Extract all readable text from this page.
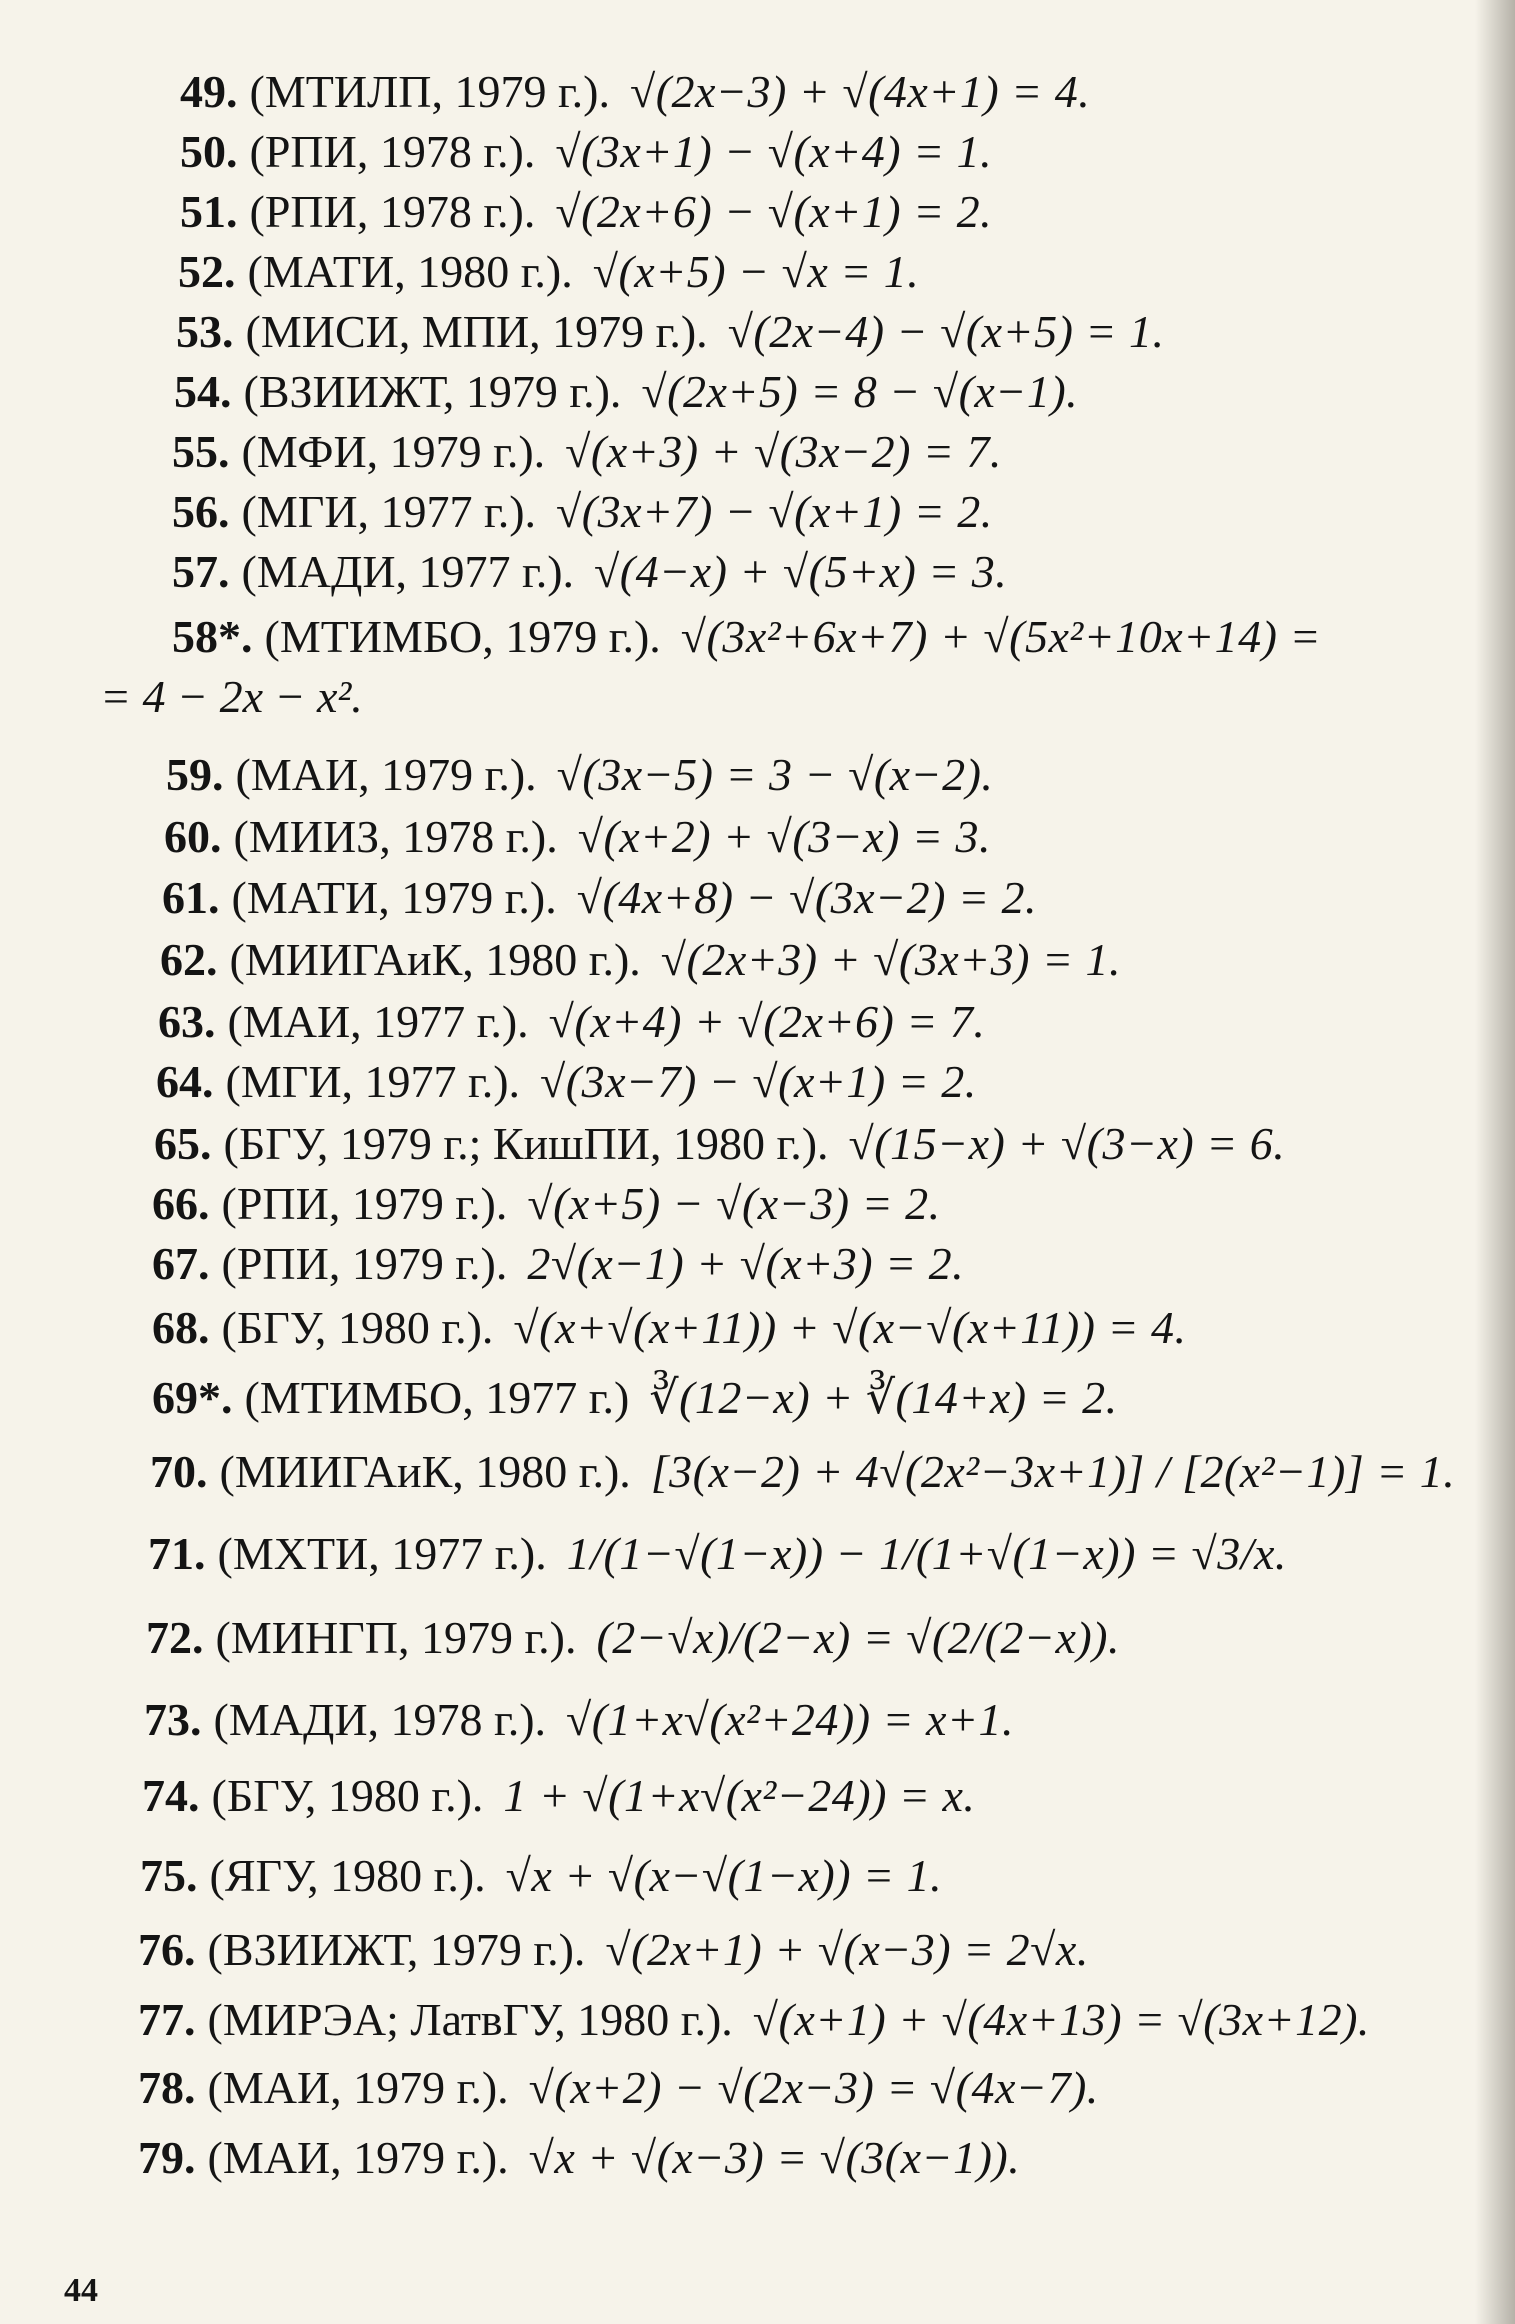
49. (МТИЛП, 1979 г.). √(2x−3) + √(4x+1) = 4.
50. (РПИ, 1978 г.). √(3x+1) − √(x+4) = 1.
51. (РПИ, 1978 г.). √(2x+6) − √(x+1) = 2.
52. (МАТИ, 1980 г.). √(x+5) − √x = 1.
53. (МИСИ, МПИ, 1979 г.). √(2x−4) − √(x+5) = 1.
54. (ВЗИИЖТ, 1979 г.). √(2x+5) = 8 − √(x−1).
55. (МФИ, 1979 г.). √(x+3) + √(3x−2) = 7.
56. (МГИ, 1977 г.). √(3x+7) − √(x+1) = 2.
57. (МАДИ, 1977 г.). √(4−x) + √(5+x) = 3.
58*. (МТИМБО, 1979 г.). √(3x²+6x+7) + √(5x²+10x+14) =
= 4 − 2x − x².
59. (МАИ, 1979 г.). √(3x−5) = 3 − √(x−2).
60. (МИИЗ, 1978 г.). √(x+2) + √(3−x) = 3.
61. (МАТИ, 1979 г.). √(4x+8) − √(3x−2) = 2.
62. (МИИГАиК, 1980 г.). √(2x+3) + √(3x+3) = 1.
63. (МАИ, 1977 г.). √(x+4) + √(2x+6) = 7.
64. (МГИ, 1977 г.). √(3x−7) − √(x+1) = 2.
65. (БГУ, 1979 г.; КишПИ, 1980 г.). √(15−x) + √(3−x) = 6.
66. (РПИ, 1979 г.). √(x+5) − √(x−3) = 2.
67. (РПИ, 1979 г.). 2√(x−1) + √(x+3) = 2.
68. (БГУ, 1980 г.). √(x+√(x+11)) + √(x−√(x+11)) = 4.
69*. (МТИМБО, 1977 г.) ∛(12−x) + ∛(14+x) = 2.
70. (МИИГАиК, 1980 г.). [3(x−2) + 4√(2x²−3x+1)] / [2(x²−1)] = 1.
71. (МХТИ, 1977 г.). 1/(1−√(1−x)) − 1/(1+√(1−x)) = √3/x.
72. (МИНГП, 1979 г.). (2−√x)/(2−x) = √(2/(2−x)).
73. (МАДИ, 1978 г.). √(1+x√(x²+24)) = x+1.
74. (БГУ, 1980 г.). 1 + √(1+x√(x²−24)) = x.
75. (ЯГУ, 1980 г.). √x + √(x−√(1−x)) = 1.
76. (ВЗИИЖТ, 1979 г.). √(2x+1) + √(x−3) = 2√x.
77. (МИРЭА; ЛатвГУ, 1980 г.). √(x+1) + √(4x+13) = √(3x+12).
78. (МАИ, 1979 г.). √(x+2) − √(2x−3) = √(4x−7).
79. (МАИ, 1979 г.). √x + √(x−3) = √(3(x−1)).
44
